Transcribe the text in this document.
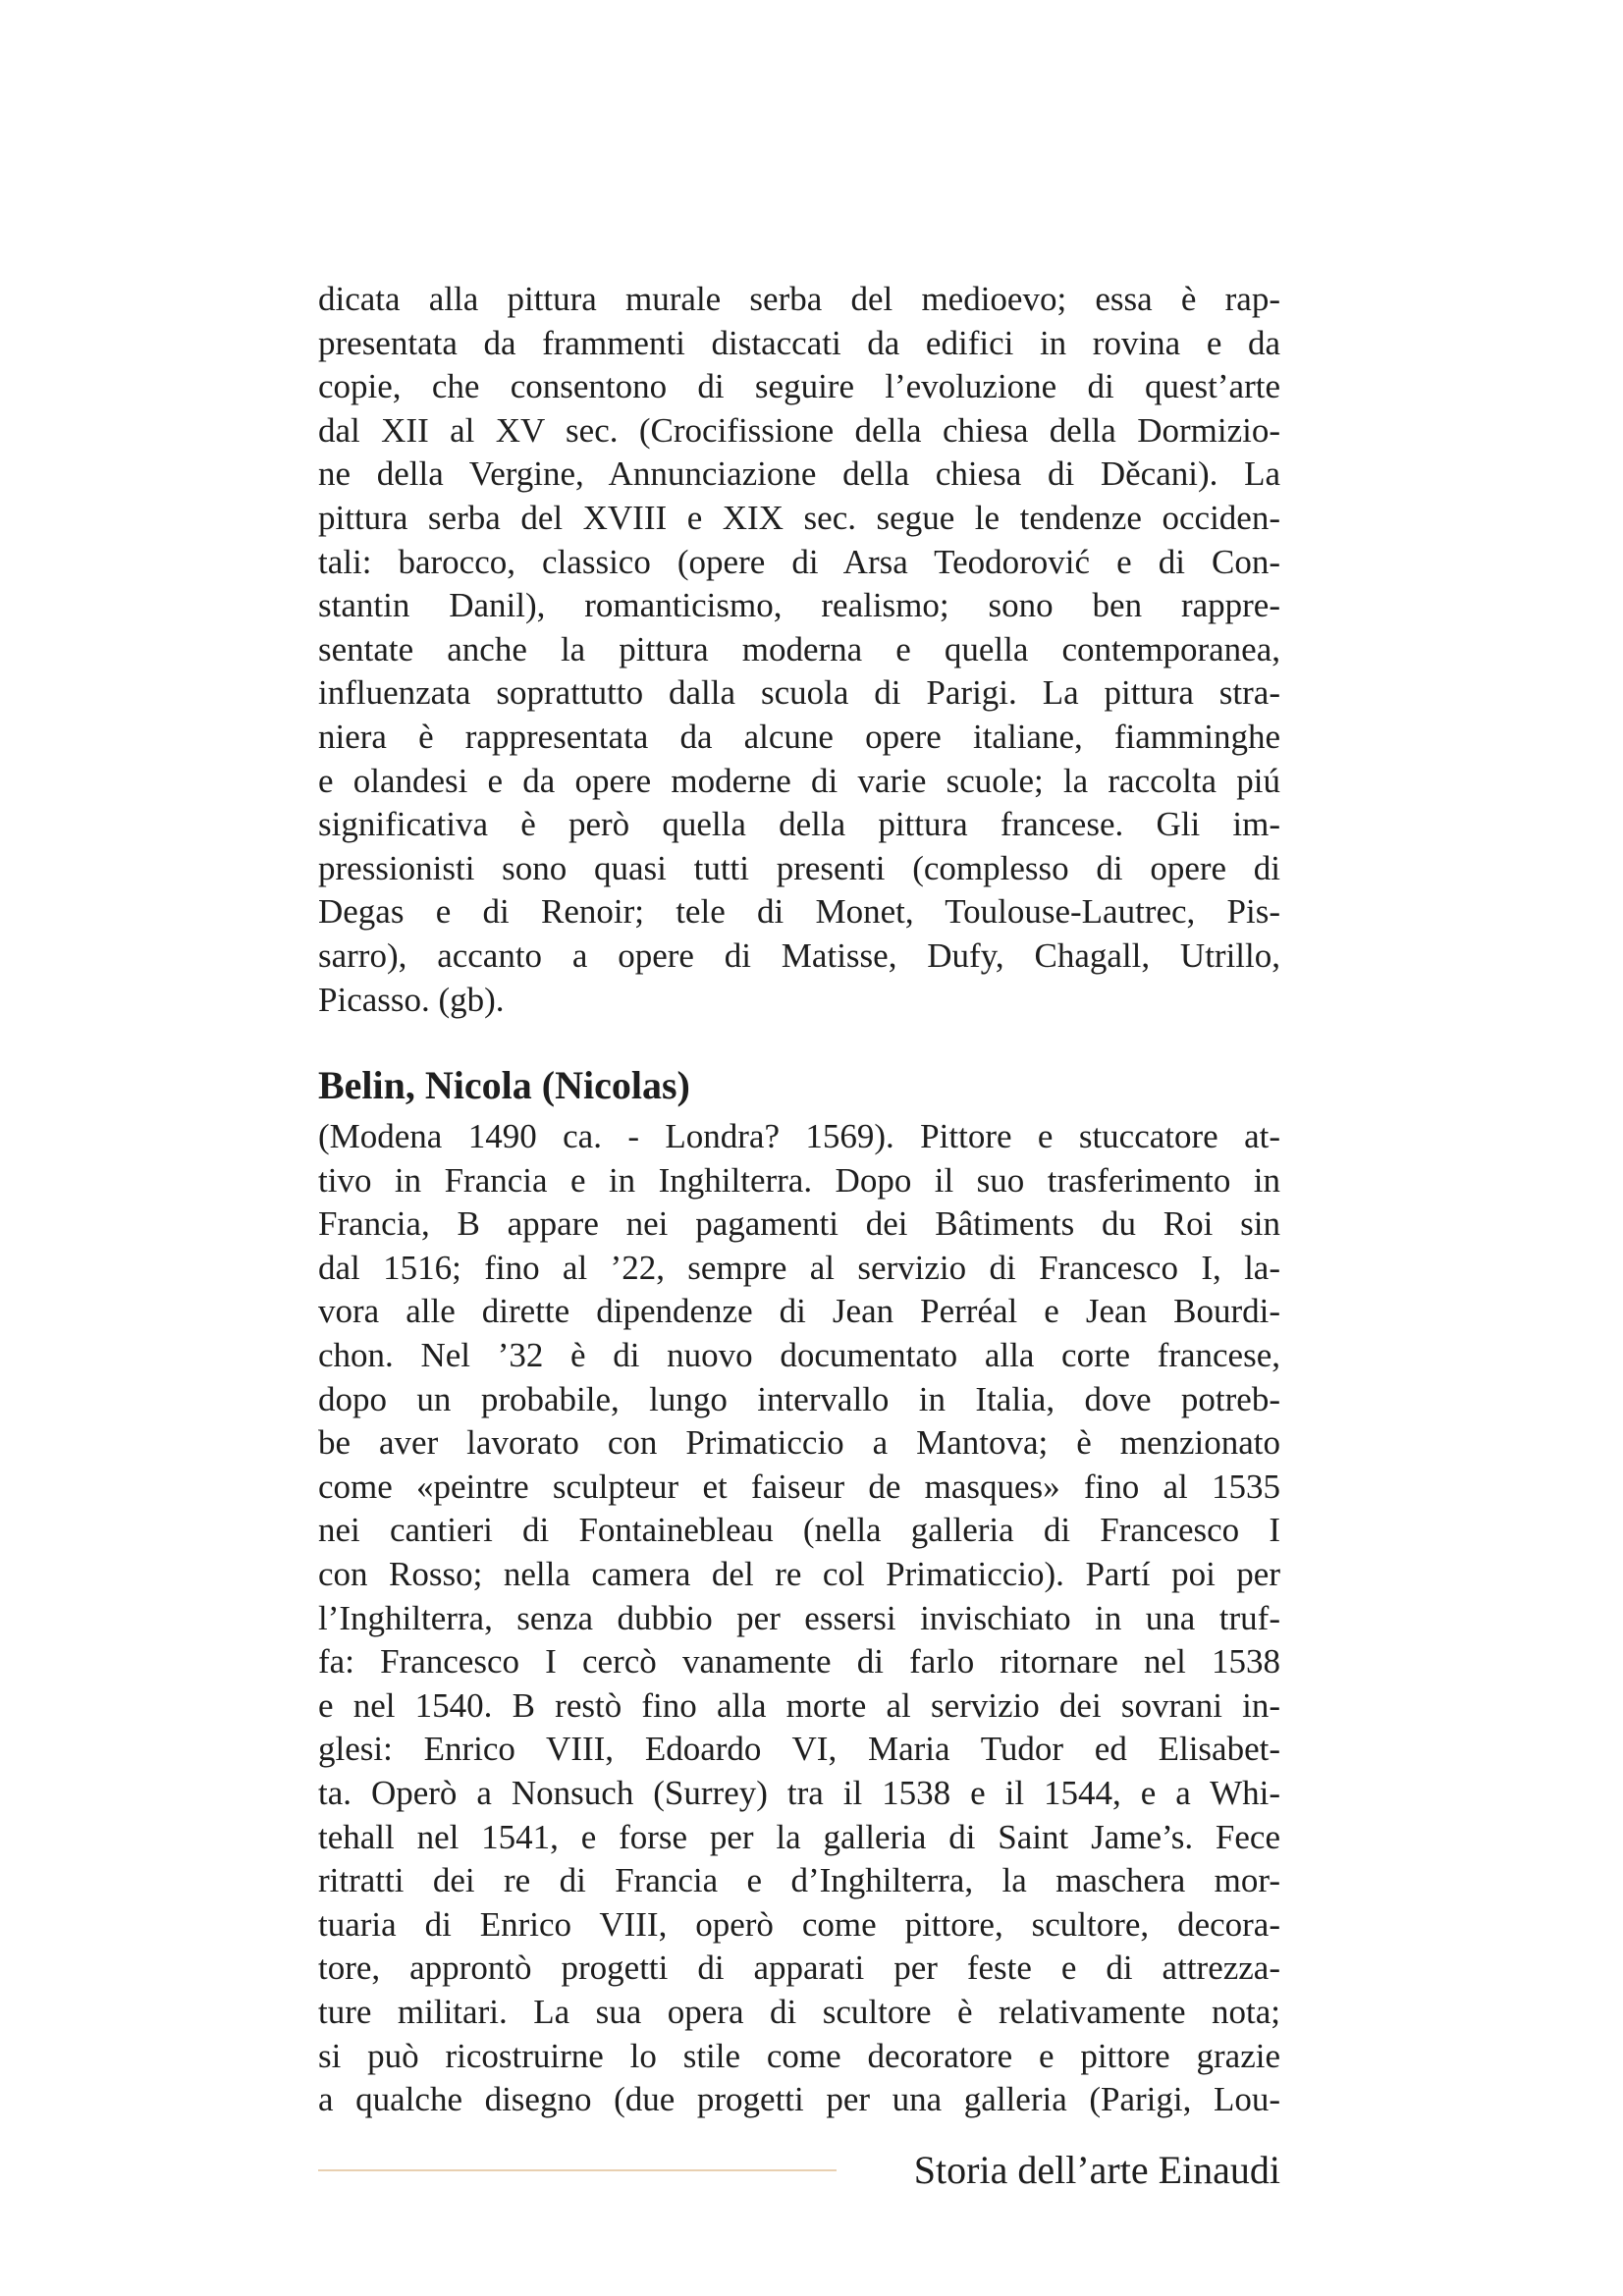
dicata alla pittura murale serba del medioevo; essa è rap-
presentata da frammenti distaccati da edifici in rovina e da
copie, che consentono di seguire l’evoluzione di quest’arte
dal XII al XV sec. (Crocifissione della chiesa della Dormizio-
ne della Vergine, Annunciazione della chiesa di Děcani). La
pittura serba del XVIII e XIX sec. segue le tendenze occiden-
tali: barocco, classico (opere di Arsa Teodorović e di Con-
stantin Danil), romanticismo, realismo; sono ben rappre-
sentate anche la pittura moderna e quella contemporanea,
influenzata soprattutto dalla scuola di Parigi. La pittura stra-
niera è rappresentata da alcune opere italiane, fiamminghe
e olandesi e da opere moderne di varie scuole; la raccolta piú
significativa è però quella della pittura francese. Gli im-
pressionisti sono quasi tutti presenti (complesso di opere di
Degas e di Renoir; tele di Monet, Toulouse-Lautrec, Pis-
sarro), accanto a opere di Matisse, Dufy, Chagall, Utrillo,
Picasso. (gb).
Belin, Nicola (Nicolas)
(Modena 1490 ca. - Londra? 1569). Pittore e stuccatore at-
tivo in Francia e in Inghilterra. Dopo il suo trasferimento in
Francia, B appare nei pagamenti dei Bâtiments du Roi sin
dal 1516; fino al ’22, sempre al servizio di Francesco I, la-
vora alle dirette dipendenze di Jean Perréal e Jean Bourdi-
chon. Nel ’32 è di nuovo documentato alla corte francese,
dopo un probabile, lungo intervallo in Italia, dove potreb-
be aver lavorato con Primaticcio a Mantova; è menzionato
come «peintre sculpteur et faiseur de masques» fino al 1535
nei cantieri di Fontainebleau (nella galleria di Francesco I
con Rosso; nella camera del re col Primaticcio). Partí poi per
l’Inghilterra, senza dubbio per essersi invischiato in una truf-
fa: Francesco I cercò vanamente di farlo ritornare nel 1538
e nel 1540. B restò fino alla morte al servizio dei sovrani in-
glesi: Enrico VIII, Edoardo VI, Maria Tudor ed Elisabet-
ta. Operò a Nonsuch (Surrey) tra il 1538 e il 1544, e a Whi-
tehall nel 1541, e forse per la galleria di Saint Jame’s. Fece
ritratti dei re di Francia e d’Inghilterra, la maschera mor-
tuaria di Enrico VIII, operò come pittore, scultore, decora-
tore, approntò progetti di apparati per feste e di attrezza-
ture militari. La sua opera di scultore è relativamente nota;
si può ricostruirne lo stile come decoratore e pittore grazie
a qualche disegno (due progetti per una galleria (Parigi, Lou-
Storia dell’arte Einaudi
